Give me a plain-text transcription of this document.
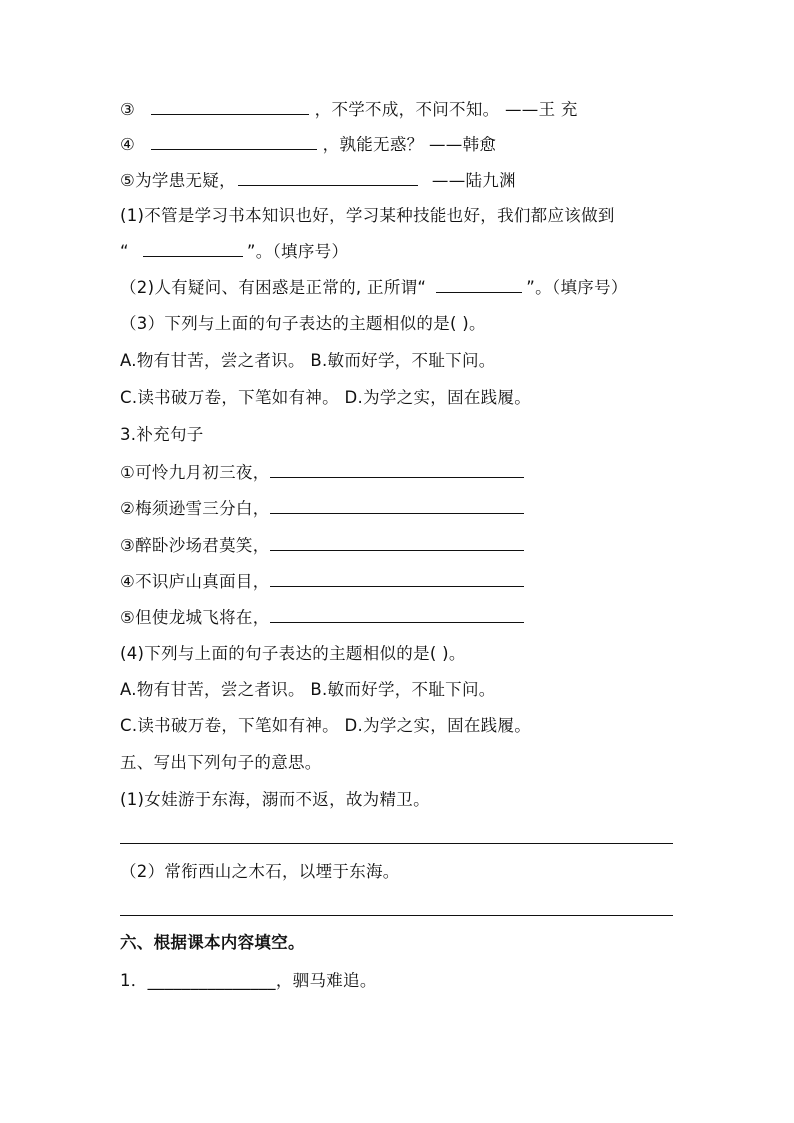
③	，不学不成，不问不知。 ——王 充
④	，孰能无惑？ ——韩愈
⑤为学患无疑，	——陆九渊
(1)不管是学习书本知识也好，学习某种技能也好，我们都应该做到
“	”。（填序号）
（2)人有疑问、有困惑是正常的, 正所谓“	”。（填序号）
（3）下列与上面的句子表达的主题相似的是( )。
A.物有甘苦，尝之者识。 B.敏而好学，不耻下问。
C.读书破万卷，下笔如有神。 D.为学之实，固在践履。
3.补充句子
①可怜九月初三夜，
②梅须逊雪三分白，
③醉卧沙场君莫笑，
④不识庐山真面目，
⑤但使龙城飞将在，
(4)下列与上面的句子表达的主题相似的是( )。
A.物有甘苦，尝之者识。 B.敏而好学，不耻下问。
C.读书破万卷，下笔如有神。 D.为学之实，固在践履。
五、写出下列句子的意思。
(1)女娃游于东海，溺而不返，故为精卫。
（2）常衔西山之木石，以堙于东海。
六、根据课本内容填空。
1．_______________，驷马难追。
